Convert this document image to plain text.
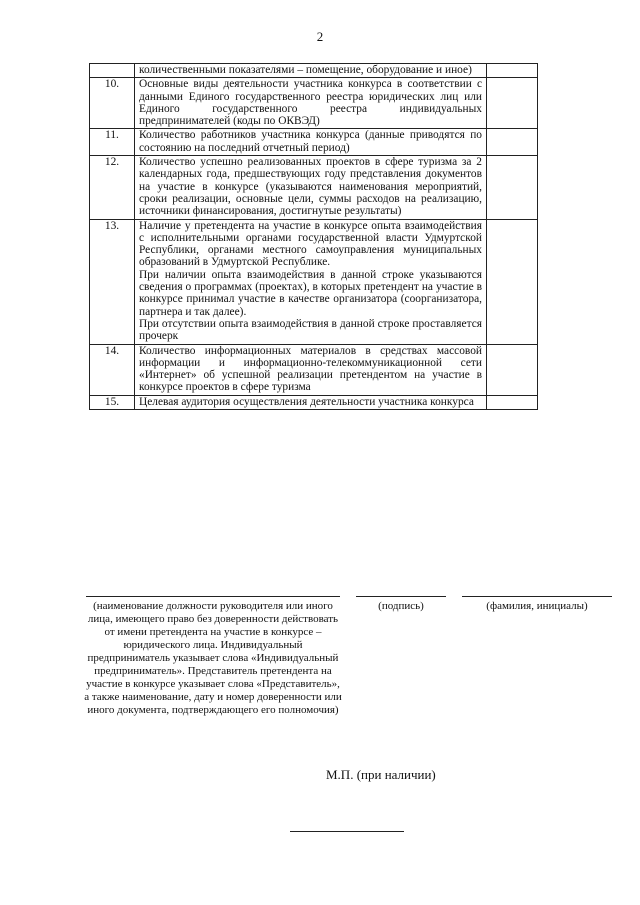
2

	количественными показателями – помещение, оборудование и иное)	

10.	Основные виды деятельности участника конкурса в соответствии с данными Единого государственного реестра юридических лиц или Единого государственного реестра индивидуальных предпринимателей (коды по ОКВЭД)	

11.	Количество работников участника конкурса (данные приводятся по состоянию на последний отчетный период)	

12.	Количество успешно реализованных проектов в сфере туризма за 2 календарных года, предшествующих году представления документов на участие в конкурсе (указываются наименования мероприятий, сроки реализации, основные цели, суммы расходов на реализацию, источники финансирования, достигнутые результаты)	

13.	Наличие у претендента на участие в конкурсе опыта взаимодействия с исполнительными органами государственной власти Удмуртской Республики, органами местного самоуправления муниципальных образований в Удмуртской Республике.
При наличии опыта взаимодействия в данной строке указываются сведения о программах (проектах), в которых претендент на участие в конкурсе принимал участие в качестве организатора (соорганизатора, партнера и так далее).
При отсутствии опыта взаимодействия в данной строке проставляется прочерк	

14.	Количество информационных материалов в средствах массовой информации и информационно-телекоммуникационной сети «Интернет» об успешной реализации претендентом на участие в конкурсе проектов в сфере туризма	

15.	Целевая аудитория осуществления деятельности участника конкурса	

(наименование должности руководителя или иного лица, имеющего право без доверенности действовать от имени претендента на участие в конкурсе – юридического лица. Индивидуальный предприниматель указывает слова «Индивидуальный предприниматель». Представитель претендента на участие в конкурсе указывает слова «Представитель», а также наименование, дату и номер доверенности или иного документа, подтверждающего его полномочия)
(подпись)	(фамилия, инициалы)
М.П. (при наличии)
